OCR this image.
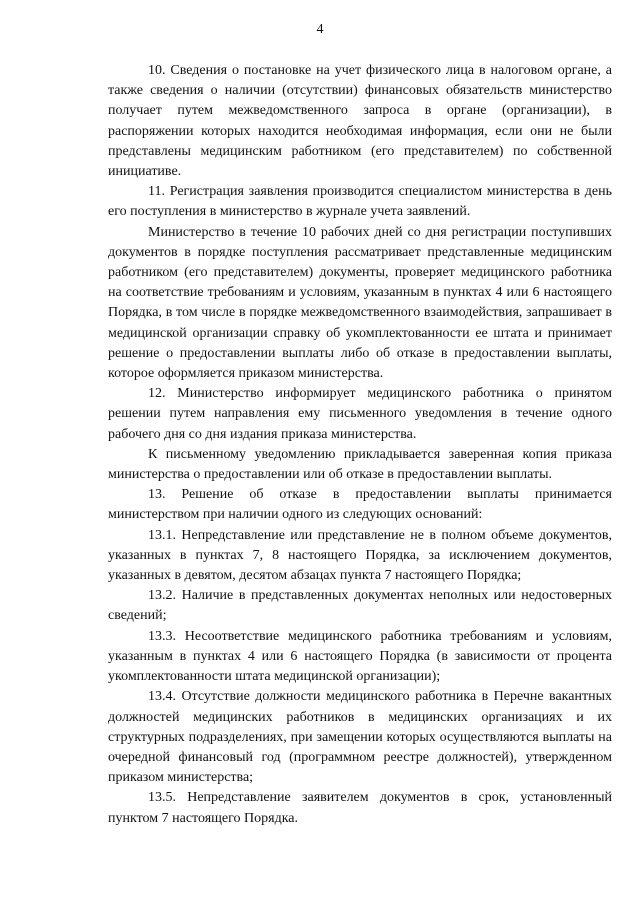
4

10. Сведения о постановке на учет физического лица в налоговом органе, а также сведения о наличии (отсутствии) финансовых обязательств министерство получает путем межведомственного запроса в органе (организации), в распоряжении которых находится необходимая информация, если они не были представлены медицинским работником (его представителем) по собственной инициативе.

11. Регистрация заявления производится специалистом министерства в день его поступления в министерство в журнале учета заявлений.

Министерство в течение 10 рабочих дней со дня регистрации поступивших документов в порядке поступления рассматривает представленные медицинским работником (его представителем) документы, проверяет медицинского работника на соответствие требованиям и условиям, указанным в пунктах 4 или 6 настоящего Порядка, в том числе в порядке межведомственного взаимодействия, запрашивает в медицинской организации справку об укомплектованности ее штата и принимает решение о предоставлении выплаты либо об отказе в предоставлении выплаты, которое оформляется приказом министерства.

12. Министерство информирует медицинского работника о принятом решении путем направления ему письменного уведомления в течение одного рабочего дня со дня издания приказа министерства.

К письменному уведомлению прикладывается заверенная копия приказа министерства о предоставлении или об отказе в предоставлении выплаты.

13. Решение об отказе в предоставлении выплаты принимается министерством при наличии одного из следующих оснований:

13.1. Непредставление или представление не в полном объеме документов, указанных в пунктах 7, 8 настоящего Порядка, за исключением документов, указанных в девятом, десятом абзацах пункта 7 настоящего Порядка;

13.2. Наличие в представленных документах неполных или недостоверных сведений;

13.3. Несоответствие медицинского работника требованиям и условиям, указанным в пунктах 4 или 6 настоящего Порядка (в зависимости от процента укомплектованности штата медицинской организации);

13.4. Отсутствие должности медицинского работника в Перечне вакантных должностей медицинских работников в медицинских организациях и их структурных подразделениях, при замещении которых осуществляются выплаты на очередной финансовый год (программном реестре должностей), утвержденном приказом министерства;

13.5. Непредставление заявителем документов в срок, установленный пунктом 7 настоящего Порядка.
